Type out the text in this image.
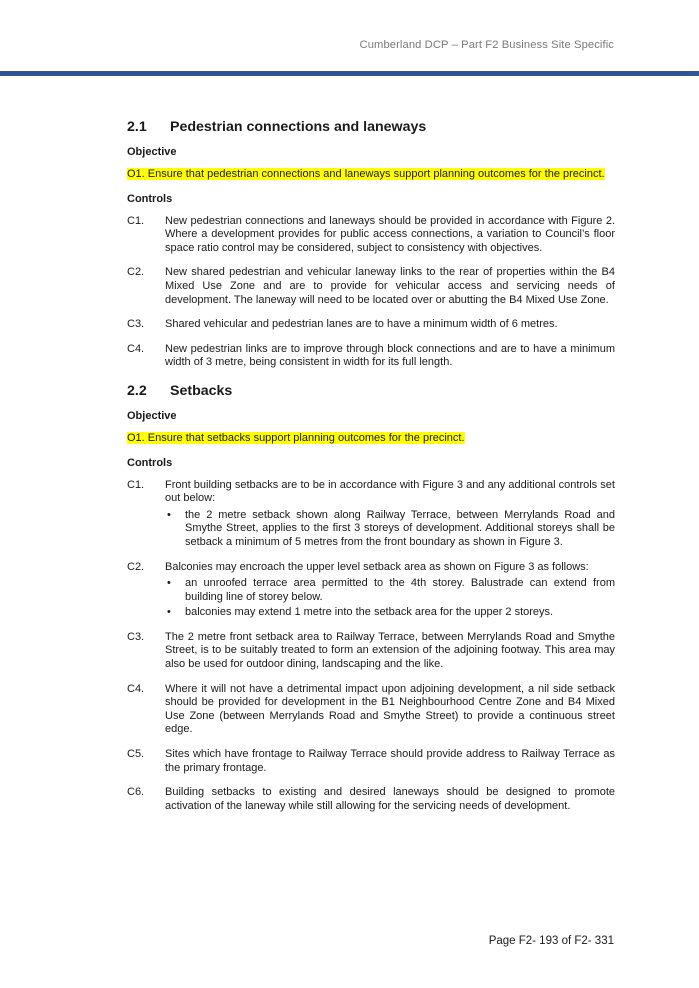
Cumberland DCP – Part F2 Business Site Specific
2.1	Pedestrian connections and laneways
Objective

O1. Ensure that pedestrian connections and laneways support planning outcomes for the precinct.

Controls
C1.	New pedestrian connections and laneways should be provided in accordance with Figure 2. Where a development provides for public access connections, a variation to Council’s floor space ratio control may be considered, subject to consistency with objectives.
C2.	New shared pedestrian and vehicular laneway links to the rear of properties within the B4 Mixed Use Zone and are to provide for vehicular access and servicing needs of development. The laneway will need to be located over or abutting the B4 Mixed Use Zone.
C3.	Shared vehicular and pedestrian lanes are to have a minimum width of 6 metres.
C4.	New pedestrian links are to improve through block connections and are to have a minimum width of 3 metre, being consistent in width for its full length.
2.2	Setbacks
Objective

O1. Ensure that setbacks support planning outcomes for the precinct.

Controls
C1.	Front building setbacks are to be in accordance with Figure 3 and any additional controls set out below:
•	the 2 metre setback shown along Railway Terrace, between Merrylands Road and Smythe Street, applies to the first 3 storeys of development. Additional storeys shall be setback a minimum of 5 metres from the front boundary as shown in Figure 3.
C2.	Balconies may encroach the upper level setback area as shown on Figure 3 as follows:
•	an unroofed terrace area permitted to the 4th storey. Balustrade can extend from building line of storey below.
•	balconies may extend 1 metre into the setback area for the upper 2 storeys.
C3.	The 2 metre front setback area to Railway Terrace, between Merrylands Road and Smythe Street, is to be suitably treated to form an extension of the adjoining footway. This area may also be used for outdoor dining, landscaping and the like.
C4.	Where it will not have a detrimental impact upon adjoining development, a nil side setback should be provided for development in the B1 Neighbourhood Centre Zone and B4 Mixed Use Zone (between Merrylands Road and Smythe Street) to provide a continuous street edge.
C5.	Sites which have frontage to Railway Terrace should provide address to Railway Terrace as the primary frontage.
C6.	Building setbacks to existing and desired laneways should be designed to promote activation of the laneway while still allowing for the servicing needs of development.
Page F2- 193 of F2- 331
